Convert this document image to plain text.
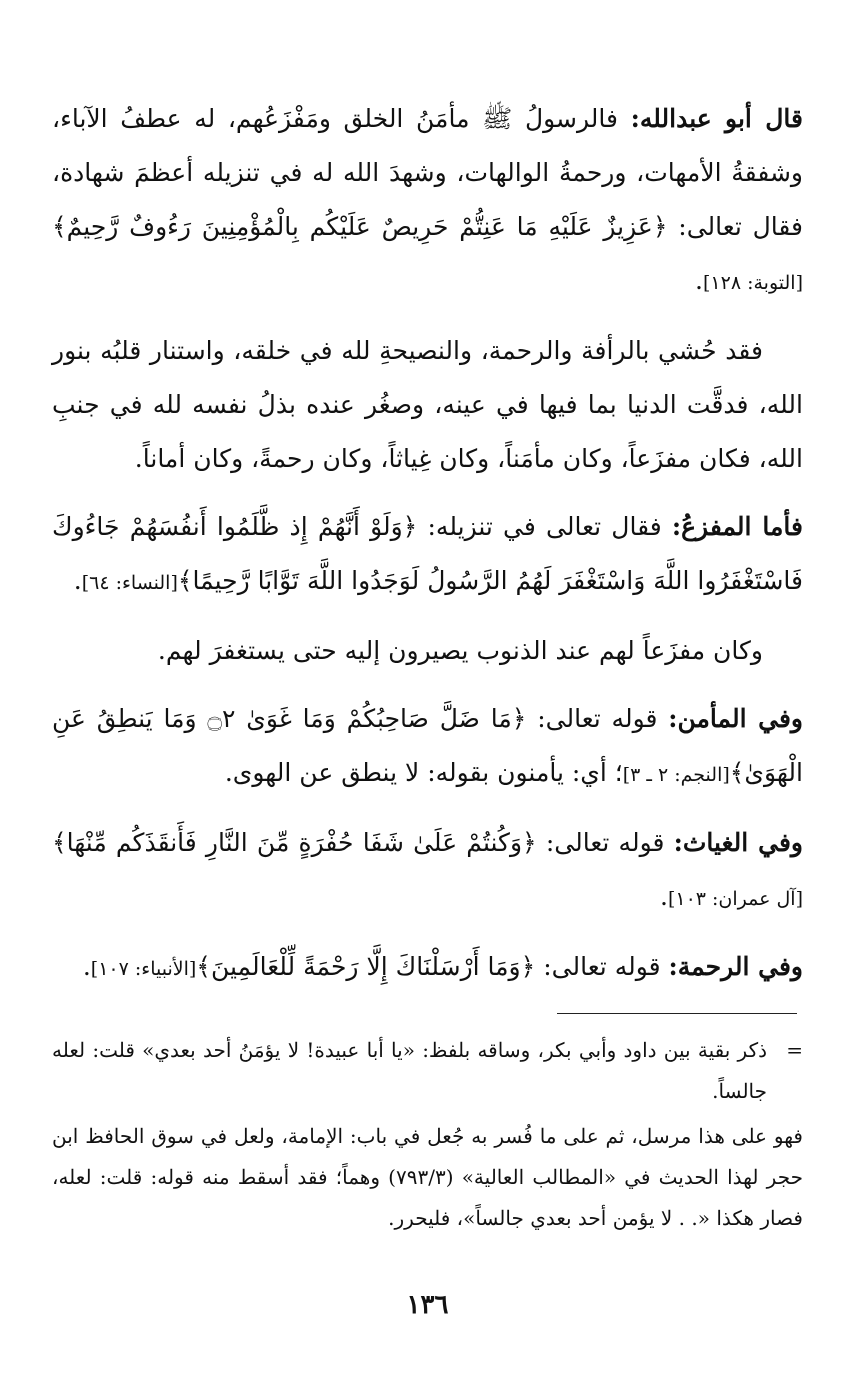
قال أبو عبدالله: فالرسولُ ﷺ مأمَنُ الخلق ومَفْزَعُهم، له عطفُ الآباء، وشفقةُ الأمهات، ورحمةُ الوالهات، وشهدَ الله له في تنزيله أعظمَ شهادة، فقال تعالى: ﴿عَزِيزٌ عَلَيْهِ مَا عَنِتُّمْ حَرِيصٌ عَلَيْكُم بِالْمُؤْمِنِينَ رَءُوفٌ رَّحِيمٌ﴾[التوبة: ١٢٨].

فقد حُشي بالرأفة والرحمة، والنصيحةِ لله في خلقه، واستنار قلبُه بنور الله، فدقَّت الدنيا بما فيها في عينه، وصغُر عنده بذلُ نفسه لله في جنبِ الله، فكان مفزَعاً، وكان مأمَناً، وكان غِياثاً، وكان رحمةً، وكان أماناً.

فأما المفزعُ: فقال تعالى في تنزيله: ﴿وَلَوْ أَنَّهُمْ إِذ ظَّلَمُوا أَنفُسَهُمْ جَاءُوكَ فَاسْتَغْفَرُوا اللَّهَ وَاسْتَغْفَرَ لَهُمُ الرَّسُولُ لَوَجَدُوا اللَّهَ تَوَّابًا رَّحِيمًا﴾[النساء: ٦٤].

وكان مفزَعاً لهم عند الذنوب يصيرون إليه حتى يستغفرَ لهم.

وفي المأمن: قوله تعالى: ﴿مَا ضَلَّ صَاحِبُكُمْ وَمَا غَوَىٰ ۝٢ وَمَا يَنطِقُ عَنِ الْهَوَىٰ﴾[النجم: ٢ ـ ٣]؛ أي: يأمنون بقوله: لا ينطق عن الهوى.

وفي الغياث: قوله تعالى: ﴿وَكُنتُمْ عَلَىٰ شَفَا حُفْرَةٍ مِّنَ النَّارِ فَأَنقَذَكُم مِّنْهَا﴾[آل عمران: ١٠٣].

وفي الرحمة: قوله تعالى: ﴿وَمَا أَرْسَلْنَاكَ إِلَّا رَحْمَةً لِّلْعَالَمِينَ﴾[الأنبياء: ١٠٧].

=
ذكر بقية بين داود وأبي بكر، وساقه بلفظ: «يا أبا عبيدة! لا يؤمَنُ أحد بعدي» قلت: لعله جالساً.

فهو على هذا مرسل، ثم على ما فُسر به جُعل في باب: الإمامة، ولعل في سوق الحافظ ابن حجر لهذا الحديث في «المطالب العالية» (٧٩٣/٣) وهماً؛ فقد أسقط منه قوله: قلت: لعله، فصار هكذا «. . لا يؤمن أحد بعدي جالساً»، فليحرر.

١٣٦
